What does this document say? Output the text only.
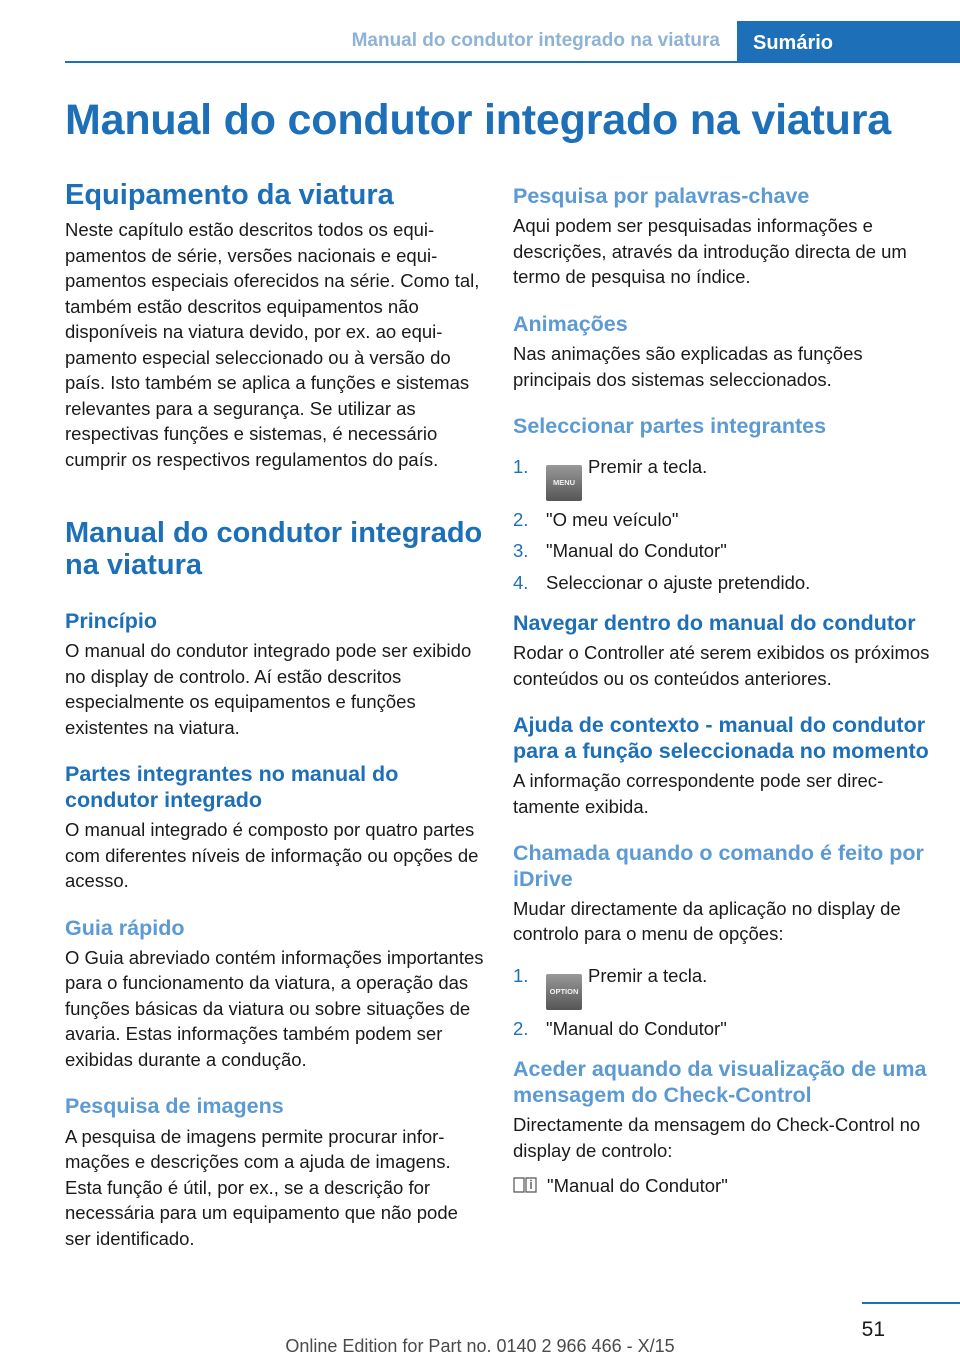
Manual do condutor integrado na viatura	Sumário
Manual do condutor integrado na viatura
Equipamento da viatura

Neste capítulo estão descritos todos os equipamentos de série, versões nacionais e equipamentos especiais oferecidos na série. Como tal, também estão descritos equipamentos não disponíveis na viatura devido, por ex. ao equipamento especial seleccionado ou à versão do país. Isto também se aplica a funções e sistemas relevantes para a segurança. Se utilizar as respectivas funções e sistemas, é necessário cumprir os respectivos regulamentos do país.

Manual do condutor integrado na viatura
Princípio

O manual do condutor integrado pode ser exibido no display de controlo. Aí estão descritos especialmente os equipamentos e funções existentes na viatura.

Partes integrantes no manual do condutor integrado

O manual integrado é composto por quatro partes com diferentes níveis de informação ou opções de acesso.

Guia rápido

O Guia abreviado contém informações importantes para o funcionamento da viatura, a operação das funções básicas da viatura ou sobre situações de avaria. Estas informações também podem ser exibidas durante a condução.

Pesquisa de imagens

A pesquisa de imagens permite procurar informações e descrições com a ajuda de imagens. Esta função é útil, por ex., se a descrição for necessária para um equipamento que não pode ser identificado.

Pesquisa por palavras-chave

Aqui podem ser pesquisadas informações e descrições, através da introdução directa de um termo de pesquisa no índice.

Animações

Nas animações são explicadas as funções principais dos sistemas seleccionados.

Seleccionar partes integrantes
1.
MENUPremir a tecla.
2. "O meu veículo"
3. "Manual do Condutor"
4. Seleccionar o ajuste pretendido.
Navegar dentro do manual do condutor

Rodar o Controller até serem exibidos os próximos conteúdos ou os conteúdos anteriores.

Ajuda de contexto - manual do condutor para a função seleccionada no momento

A informação correspondente pode ser directamente exibida.

Chamada quando o comando é feito por iDrive

Mudar directamente da aplicação no display de controlo para o menu de opções:

1.
OPTIONPremir a tecla.
2. "Manual do Condutor"
Aceder aquando da visualização de uma mensagem do Check-Control

Directamente da mensagem do Check-Control no display de controlo:

"Manual do Condutor"
51
Online Edition for Part no. 0140 2 966 466 - X/15
